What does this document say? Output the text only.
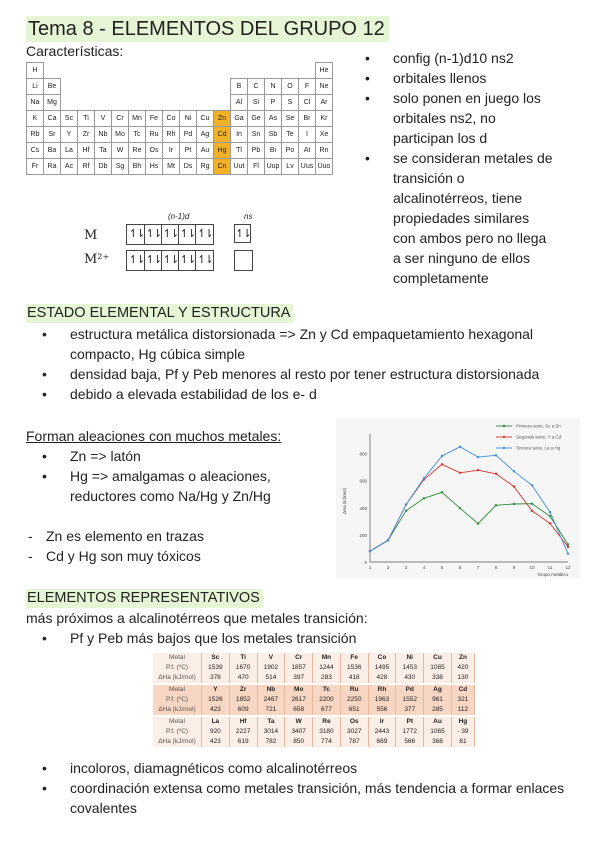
Tema 8 - ELEMENTOS DEL GRUPO 12
Características:
H																	He
Li	Be											B	C	N	O	F	Ne
Na	Mg											Al	Si	P	S	Cl	Ar
K	Ca	Sc	Ti	V	Cr	Mn	Fe	Co	Ni	Cu	Zn	Ga	Ge	As	Se	Br	Kr
Rb	Sr	Y	Zr	Nb	Mo	Tc	Ru	Rh	Pd	Ag	Cd	In	Sn	Sb	Te	I	Xe
Cs	Ba	La	Hf	Ta	W	Re	Os	Ir	Pt	Au	Hg	Tl	Pb	Bi	Po	At	Rn
Fr	Ra	Ac	Rf	Db	Sg	Bh	Hs	Mt	Ds	Rg	Cn	Uut	Fl	Uup	Lv	Uus	Uuo
(n-1)d	ns
M
M²⁺
↿⇂ ↿⇂ ↿⇂ ↿⇂ ↿⇂ ↿⇂
↿⇂ ↿⇂ ↿⇂ ↿⇂ ↿⇂
• config (n-1)d10 ns2
• orbitales llenos
• solo ponen en juego los orbitales ns2, no participan los d
• se consideran metales de transición o alcalinotérreos, tiene propiedades similares con ambos pero no llega a ser ninguno de ellos completamente
ESTADO ELEMENTAL Y ESTRUCTURA
• estructura metálica distorsionada => Zn y Cd empaquetamiento hexagonal compacto, Hg cúbica simple
• densidad baja, Pf y Peb menores al resto por tener estructura distorsionada
• debido a elevada estabilidad de los e- d
Forman aleaciones con muchos metales:
• Zn => latón
• Hg => amalgamas o aleaciones, reductores como Na/Hg y Zn/Hg
- Zn es elemento en trazas
- Cd y Hg son muy tóxicos	0
200
400
600
800
1	2	3	4	5	6	7	8	9	10	11	12
Grupo metálico
ΔHa (kJ/mol)
Primera serie, Sc a Zn
Segunda serie, Y a Cd
Tercera serie, La a Hg
ELEMENTOS REPRESENTATIVOS
más próximos a alcalinotérreos que metales transición:
• Pf y Peb más bajos que los metales transición
Metal	Sc	Ti	V	Cr	Mn	Fe	Co	Ni	Cu	Zn
P.f. (ºC)	1539	1670	1902	1857	1244	1536	1495	1453	1085	420
ΔHa (kJ/mol)	378	470	514	397	283	418	428	430	338	130

Metal	Y	Zr	Nb	Mo	Tc	Ru	Rh	Pd	Ag	Cd
P.f. (ºC)	1526	1852	2467	2617	2200	2250	1963	1552	961	321
ΔHa (kJ/mol)	423	609	721	658	677	651	556	377	285	112

Metal	La	Hf	Ta	W	Re	Os	Ir	Pt	Au	Hg
P.f. (ºC)	920	2227	3014	3407	3180	3027	2443	1772	1065	- 39
ΔHa (kJ/mol)	423	619	782	850	774	787	669	566	368	61
• incoloros, diamagnéticos como alcalinotérreos
• coordinación extensa como metales transición, más tendencia a formar enlaces covalentes
